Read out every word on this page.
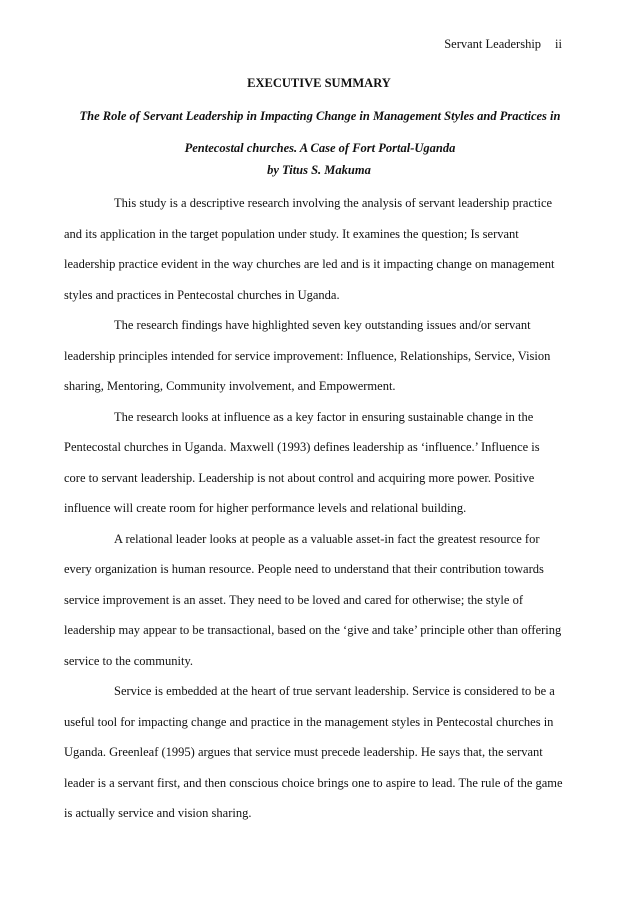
Servant Leadership ii
EXECUTIVE SUMMARY
The Role of Servant Leadership in Impacting Change in Management Styles and Practices in Pentecostal churches. A Case of Fort Portal-Uganda
by Titus S. Makuma

This study is a descriptive research involving the analysis of servant leadership practice and its application in the target population under study. It examines the question; Is servant leadership practice evident in the way churches are led and is it impacting change on management styles and practices in Pentecostal churches in Uganda.

The research findings have highlighted seven key outstanding issues and/or servant leadership principles intended for service improvement: Influence, Relationships, Service, Vision sharing, Mentoring, Community involvement, and Empowerment.

The research looks at influence as a key factor in ensuring sustainable change in the Pentecostal churches in Uganda. Maxwell (1993) defines leadership as ‘influence.’ Influence is core to servant leadership. Leadership is not about control and acquiring more power. Positive influence will create room for higher performance levels and relational building.

A relational leader looks at people as a valuable asset-in fact the greatest resource for every organization is human resource. People need to understand that their contribution towards service improvement is an asset. They need to be loved and cared for otherwise; the style of leadership may appear to be transactional, based on the ‘give and take’ principle other than offering service to the community.

Service is embedded at the heart of true servant leadership. Service is considered to be a useful tool for impacting change and practice in the management styles in Pentecostal churches in Uganda. Greenleaf (1995) argues that service must precede leadership. He says that, the servant leader is a servant first, and then conscious choice brings one to aspire to lead. The rule of the game is actually service and vision sharing.
